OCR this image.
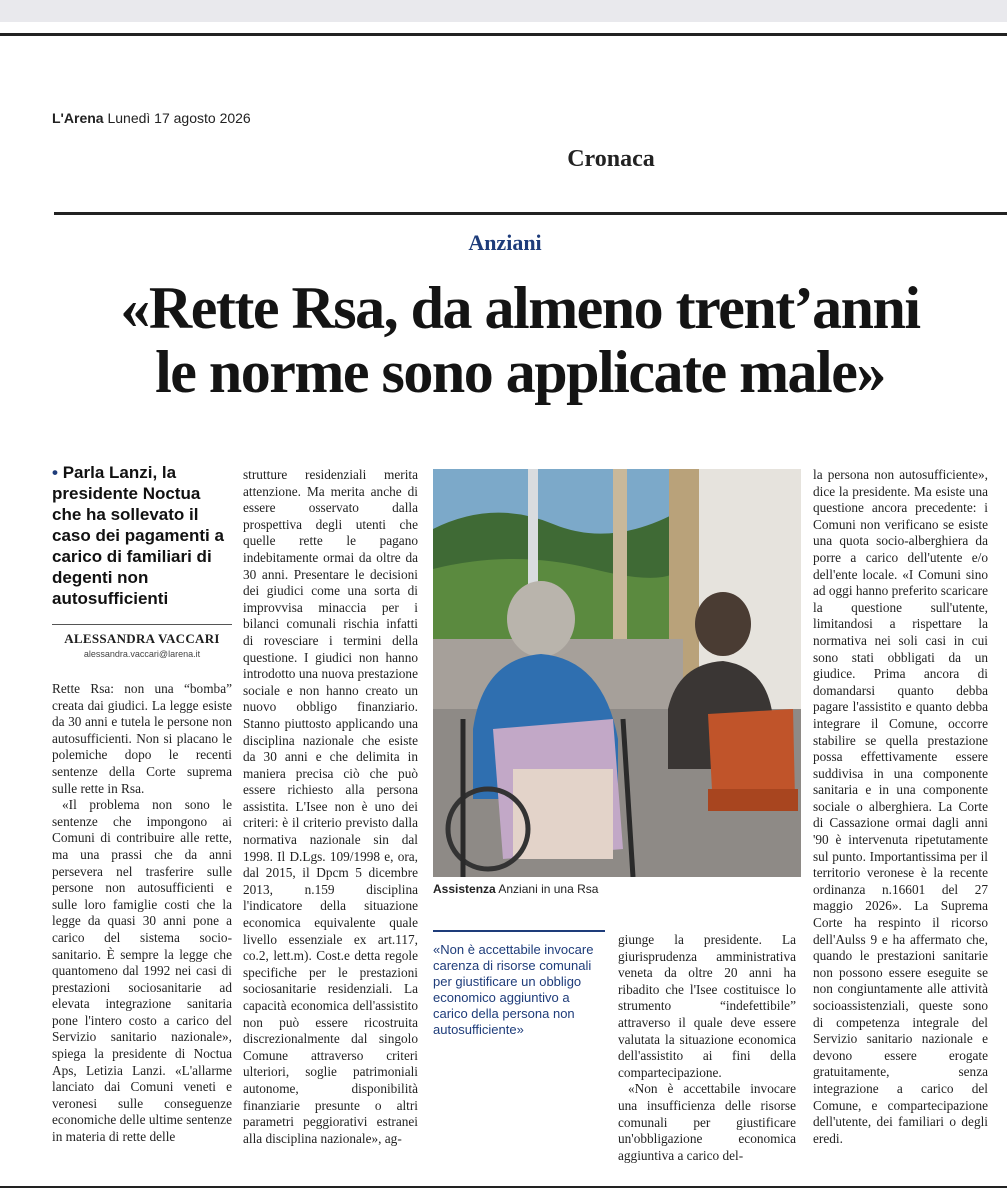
L'Arena Lunedì 17 agosto 2026
Cronaca
Anziani
«Rette Rsa, da almeno trent’anni
le norme sono applicate male»
• Parla Lanzi, la presidente Noctua che ha sollevato il caso dei pagamenti a carico di familiari di degenti non autosufficienti
ALESSANDRA VACCARI
alessandra.vaccari@larena.it

Rette Rsa: non una “bomba” creata dai giudici. La legge esiste da 30 anni e tutela le persone non autosufficienti. Non si placano le polemiche dopo le recenti sentenze della Corte suprema sulle rette in Rsa.

«Il problema non sono le sentenze che impongono ai Comuni di contribuire alle rette, ma una prassi che da anni persevera nel trasferire sulle persone non autosufficienti e sulle loro famiglie costi che la legge da quasi 30 anni pone a carico del sistema socio-sanitario. È sempre la legge che quantomeno dal 1992 nei casi di prestazioni sociosanitarie ad elevata integrazione sanitaria pone l'intero costo a carico del Servizio sanitario nazionale», spiega la presidente di Noctua Aps, Letizia Lanzi. «L'allarme lanciato dai Comuni veneti e veronesi sulle conseguenze economiche delle ultime sentenze in materia di rette delle

strutture residenziali merita attenzione. Ma merita anche di essere osservato dalla prospettiva degli utenti che quelle rette le pagano indebitamente ormai da oltre da 30 anni. Presentare le decisioni dei giudici come una sorta di improvvisa minaccia per i bilanci comunali rischia infatti di rovesciare i termini della questione. I giudici non hanno introdotto una nuova prestazione sociale e non hanno creato un nuovo obbligo finanziario. Stanno piuttosto applicando una disciplina nazionale che esiste da 30 anni e che delimita in maniera precisa ciò che può essere richiesto alla persona assistita. L'Isee non è uno dei criteri: è il criterio previsto dalla normativa nazionale sin dal 1998. Il D.Lgs. 109/1998 e, ora, dal 2015, il Dpcm 5 dicembre 2013, n.159 disciplina l'indicatore della situazione economica equivalente quale livello essenziale ex art.117, co.2, lett.m). Cost.e detta regole specifiche per le prestazioni sociosanitarie residenziali. La capacità economica dell'assistito non può essere ricostruita discrezionalmente dal singolo Comune attraverso criteri ulteriori, soglie patrimoniali autonome, disponibilità finanziarie presunte o altri parametri peggiorativi estranei alla disciplina nazionale», ag-

Assistenza Anziani in una Rsa
«Non è accettabile invocare carenza di risorse comunali per giustificare un obbligo economico aggiuntivo a carico della persona non autosufficiente»

giunge la presidente. La giurisprudenza amministrativa veneta da oltre 20 anni ha ribadito che l'Isee costituisce lo strumento “indefettibile” attraverso il quale deve essere valutata la situazione economica dell'assistito ai fini della compartecipazione.

«Non è accettabile invocare una insufficienza delle risorse comunali per giustificare un'obbligazione economica aggiuntiva a carico del-

la persona non autosufficiente», dice la presidente. Ma esiste una questione ancora precedente: i Comuni non verificano se esiste una quota socio-alberghiera da porre a carico dell'utente e/o dell'ente locale. «I Comuni sino ad oggi hanno preferito scaricare la questione sull'utente, limitandosi a rispettare la normativa nei soli casi in cui sono stati obbligati da un giudice. Prima ancora di domandarsi quanto debba pagare l'assistito e quanto debba integrare il Comune, occorre stabilire se quella prestazione possa effettivamente essere suddivisa in una componente sanitaria e in una componente sociale o alberghiera. La Corte di Cassazione ormai dagli anni '90 è intervenuta ripetutamente sul punto. Importantissima per il territorio veronese è la recente ordinanza n.16601 del 27 maggio 2026». La Suprema Corte ha respinto il ricorso dell'Aulss 9 e ha affermato che, quando le prestazioni sanitarie non possono essere eseguite se non congiuntamente alle attività socioassistenziali, queste sono di competenza integrale del Servizio sanitario nazionale e devono essere erogate gratuitamente, senza integrazione a carico del Comune, e compartecipazione dell'utente, dei familiari o degli eredi.
